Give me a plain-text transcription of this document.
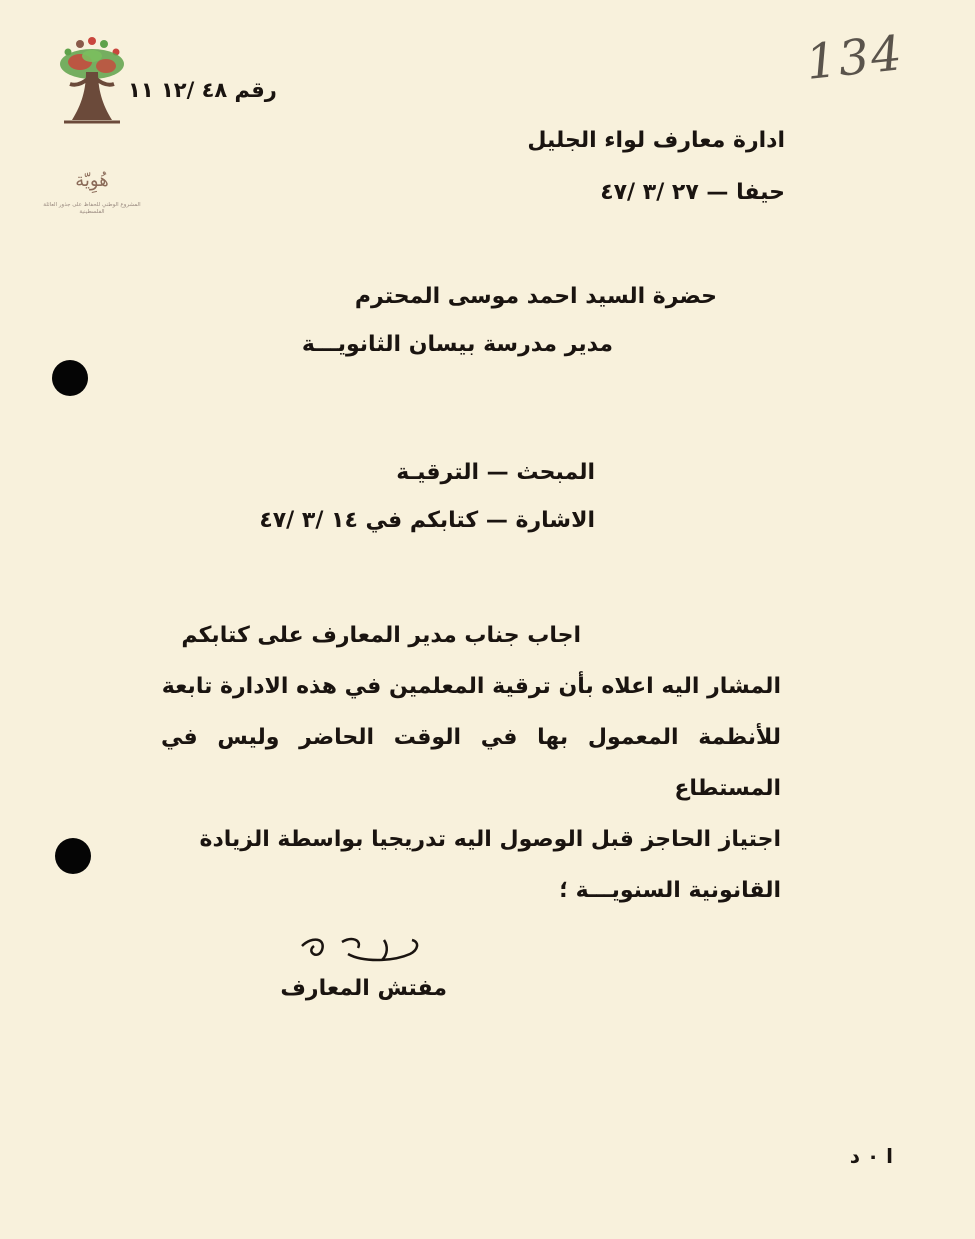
هُوِيّة
المشروع الوطني للحفاظ على جذور العائلة الفلسطينية
رقم ٤٨ /١٢ ١١	134
ادارة معارف لواء الجليل
حيفا — ٢٧ /٣ /٤٧
حضرة السيد احمد موسى المحترم
مدير مدرسة بيسان الثانويـــة
المبحث — الترقيـة
الاشارة — كتابكم في ١٤ /٣ /٤٧
اجاب جناب مدير المعارف على كتابكم
المشار اليه اعلاه بأن ترقية المعلمين في هذه الادارة تابعة
للأنظمة المعمول بها في الوقت الحاضر وليس في المستطاع
اجتياز الحاجز قبل الوصول اليه تدريجيا بواسطة الزيادة
القانونية السنويـــة ؛
مفتش المعارف
ا ٠ د
